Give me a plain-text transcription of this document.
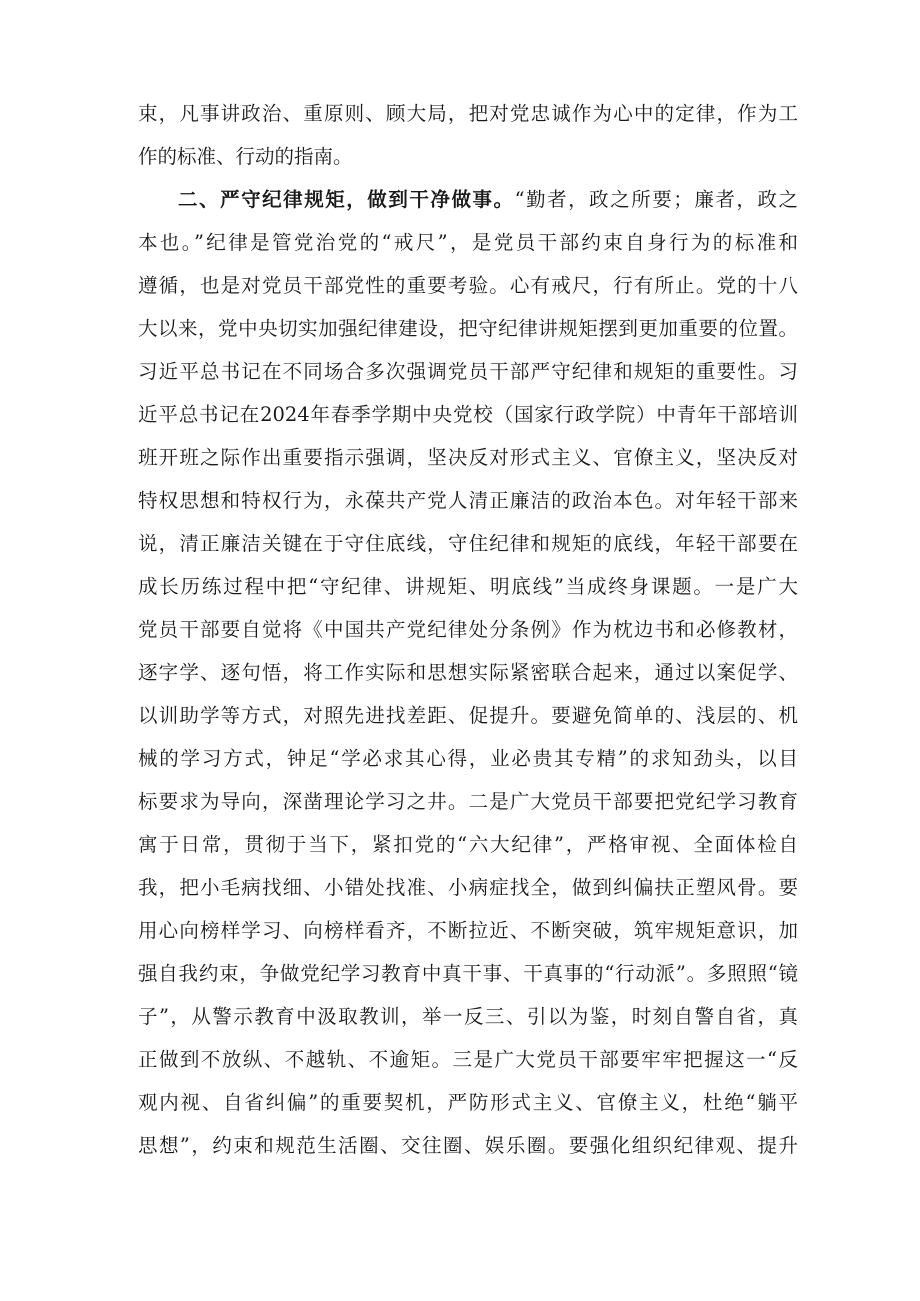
束，凡事讲政治、重原则、顾大局，把对党忠诚作为心中的定律，作为工
作的标准、行动的指南。
二、严守纪律规矩，做到干净做事。“勤者，政之所要；廉者，政之
本也。”纪律是管党治党的“戒尺”，是党员干部约束自身行为的标准和
遵循，也是对党员干部党性的重要考验。心有戒尺，行有所止。党的十八
大以来，党中央切实加强纪律建设，把守纪律讲规矩摆到更加重要的位置。
习近平总书记在不同场合多次强调党员干部严守纪律和规矩的重要性。习
近平总书记在2024年春季学期中央党校（国家行政学院）中青年干部培训
班开班之际作出重要指示强调，坚决反对形式主义、官僚主义，坚决反对
特权思想和特权行为，永葆共产党人清正廉洁的政治本色。对年轻干部来
说，清正廉洁关键在于守住底线，守住纪律和规矩的底线，年轻干部要在
成长历练过程中把“守纪律、讲规矩、明底线”当成终身课题。一是广大
党员干部要自觉将《中国共产党纪律处分条例》作为枕边书和必修教材，
逐字学、逐句悟，将工作实际和思想实际紧密联合起来，通过以案促学、
以训助学等方式，对照先进找差距、促提升。要避免简单的、浅层的、机
械的学习方式，钟足“学必求其心得，业必贵其专精”的求知劲头，以目
标要求为导向，深凿理论学习之井。二是广大党员干部要把党纪学习教育
寓于日常，贯彻于当下，紧扣党的“六大纪律”，严格审视、全面体检自
我，把小毛病找细、小错处找准、小病症找全，做到纠偏扶正塑风骨。要
用心向榜样学习、向榜样看齐，不断拉近、不断突破，筑牢规矩意识，加
强自我约束，争做党纪学习教育中真干事、干真事的“行动派”。多照照“镜
子”，从警示教育中汲取教训，举一反三、引以为鉴，时刻自警自省，真
正做到不放纵、不越轨、不逾矩。三是广大党员干部要牢牢把握这一“反
观内视、自省纠偏”的重要契机，严防形式主义、官僚主义，杜绝“躺平
思想”，约束和规范生活圈、交往圈、娱乐圈。要强化组织纪律观、提升
